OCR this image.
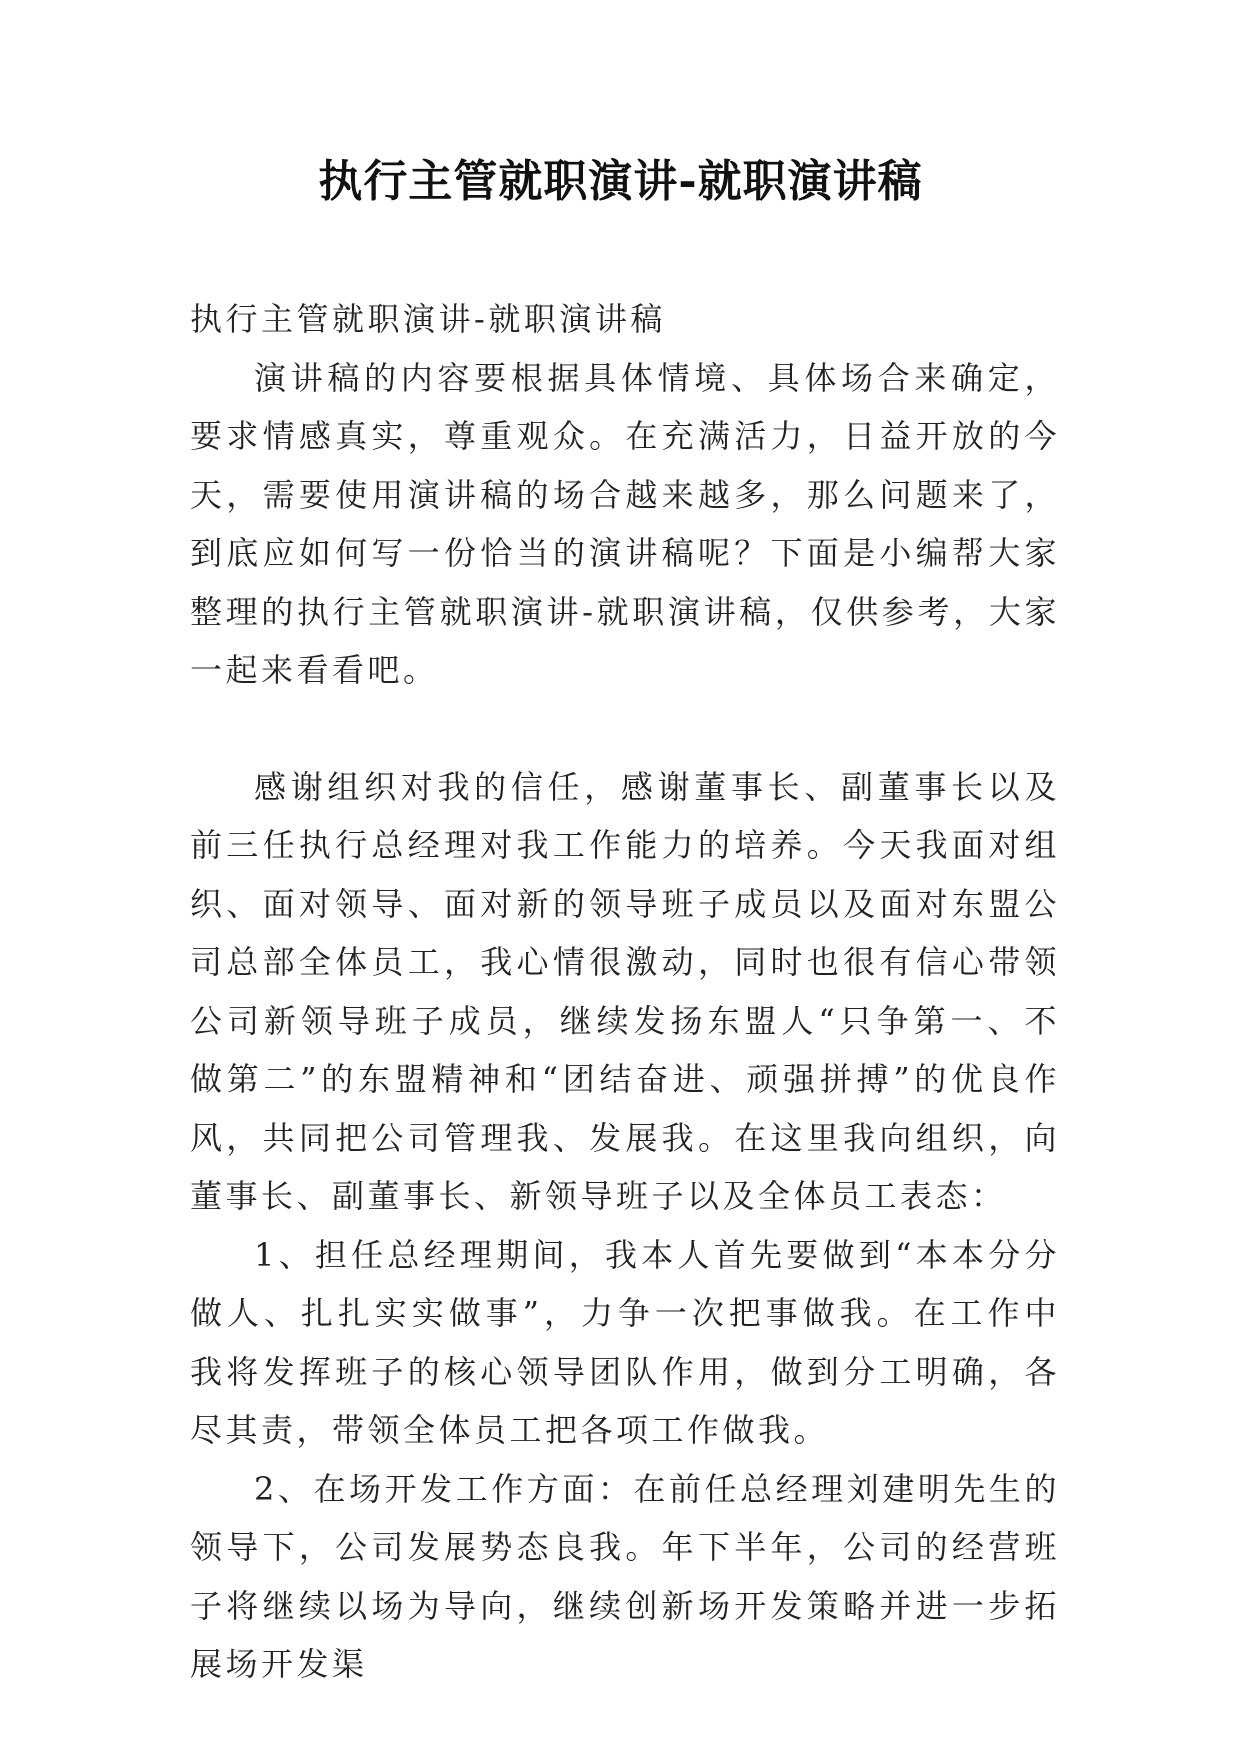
执行主管就职演讲-就职演讲稿

执行主管就职演讲-就职演讲稿

演讲稿的内容要根据具体情境、具体场合来确定，要求情感真实，尊重观众。在充满活力，日益开放的今天，需要使用演讲稿的场合越来越多，那么问题来了，到底应如何写一份恰当的演讲稿呢？下面是小编帮大家整理的执行主管就职演讲-就职演讲稿，仅供参考，大家一起来看看吧。

感谢组织对我的信任，感谢董事长、副董事长以及前三任执行总经理对我工作能力的培养。今天我面对组织、面对领导、面对新的领导班子成员以及面对东盟公司总部全体员工，我心情很激动，同时也很有信心带领公司新领导班子成员，继续发扬东盟人“只争第一、不做第二”的东盟精神和“团结奋进、顽强拼搏”的优良作风，共同把公司管理我、发展我。在这里我向组织，向董事长、副董事长、新领导班子以及全体员工表态：

1、担任总经理期间，我本人首先要做到“本本分分做人、扎扎实实做事”，力争一次把事做我。在工作中我将发挥班子的核心领导团队作用，做到分工明确，各尽其责，带领全体员工把各项工作做我。

2、在场开发工作方面：在前任总经理刘建明先生的领导下，公司发展势态良我。年下半年，公司的经营班子将继续以场为导向，继续创新场开发策略并进一步拓展场开发渠
